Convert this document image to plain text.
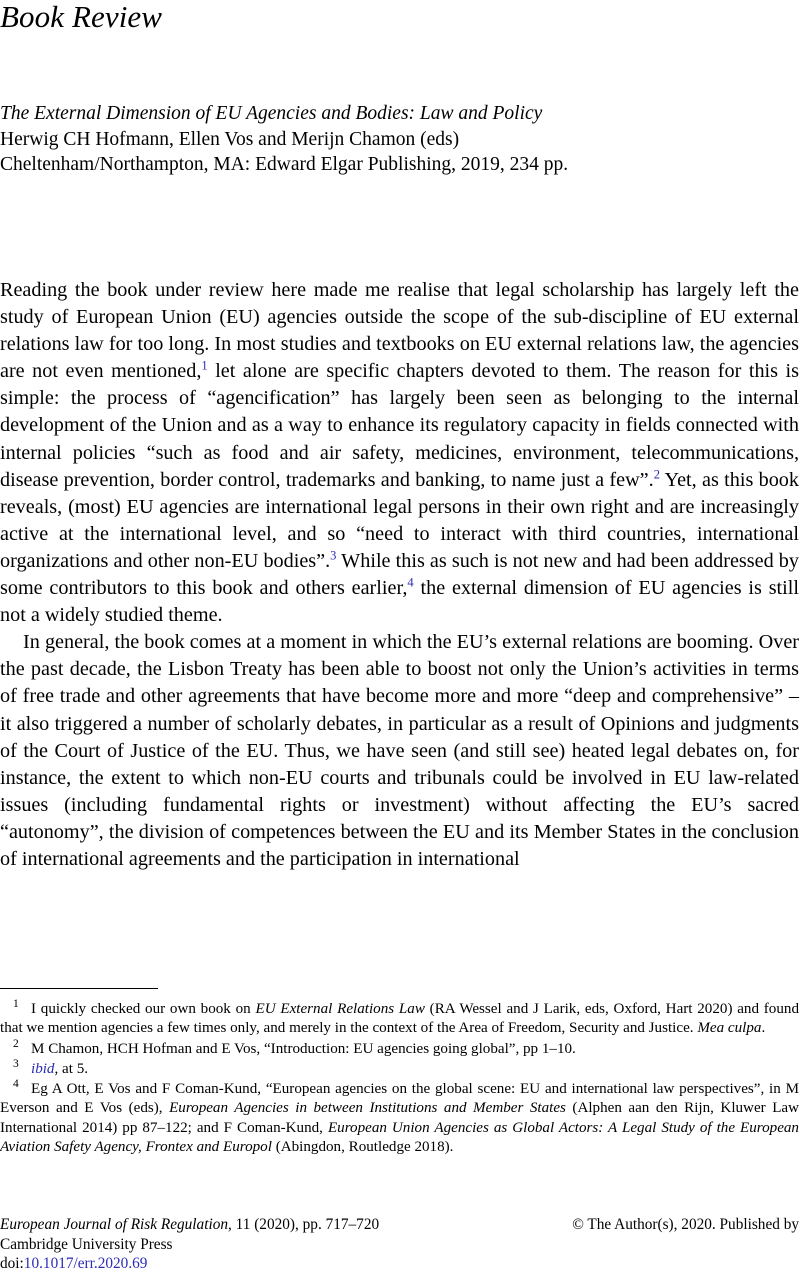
Book Review
The External Dimension of EU Agencies and Bodies: Law and Policy
Herwig CH Hofmann, Ellen Vos and Merijn Chamon (eds)
Cheltenham/Northampton, MA: Edward Elgar Publishing, 2019, 234 pp.

Reading the book under review here made me realise that legal scholarship has largely left the study of European Union (EU) agencies outside the scope of the sub-discipline of EU external relations law for too long. In most studies and textbooks on EU external relations law, the agencies are not even mentioned,$^1$ let alone are specific chapters devoted to them. The reason for this is simple: the process of “agencification” has largely been seen as belonging to the internal development of the Union and as a way to enhance its regulatory capacity in fields connected with internal policies “such as food and air safety, medicines, environment, telecommunications, disease prevention, border control, trademarks and banking, to name just a few”.$^2$ Yet, as this book reveals, (most) EU agencies are international legal persons in their own right and are increasingly active at the international level, and so “need to interact with third countries, international organizations and other non-EU bodies”.$^3$ While this as such is not new and had been addressed by some contributors to this book and others earlier,$^4$ the external dimension of EU agencies is still not a widely studied theme.

In general, the book comes at a moment in which the EU’s external relations are booming. Over the past decade, the Lisbon Treaty has been able to boost not only the Union’s activities in terms of free trade and other agreements that have become more and more “deep and comprehensive” – it also triggered a number of scholarly debates, in particular as a result of Opinions and judgments of the Court of Justice of the EU. Thus, we have seen (and still see) heated legal debates on, for instance, the extent to which non-EU courts and tribunals could be involved in EU law-related issues (including fundamental rights or investment) without affecting the EU’s sacred “autonomy”, the division of competences between the EU and its Member States in the conclusion of international agreements and the participation in international

1 I quickly checked our own book on EU External Relations Law (RA Wessel and J Larik, eds, Oxford, Hart 2020) and found that we mention agencies a few times only, and merely in the context of the Area of Freedom, Security and Justice. Mea culpa.
2 M Chamon, HCH Hofman and E Vos, “Introduction: EU agencies going global”, pp 1–10.
3 ibid, at 5.
4 Eg A Ott, E Vos and F Coman-Kund, “European agencies on the global scene: EU and international law perspectives”, in M Everson and E Vos (eds), European Agencies in between Institutions and Member States (Alphen aan den Rijn, Kluwer Law International 2014) pp 87–122; and F Coman-Kund, European Union Agencies as Global Actors: A Legal Study of the European Aviation Safety Agency, Frontex and Europol (Abingdon, Routledge 2018).
European Journal of Risk Regulation, 11 (2020), pp. 717–720	© The Author(s), 2020. Published by
Cambridge University Press
doi:10.1017/err.2020.69
